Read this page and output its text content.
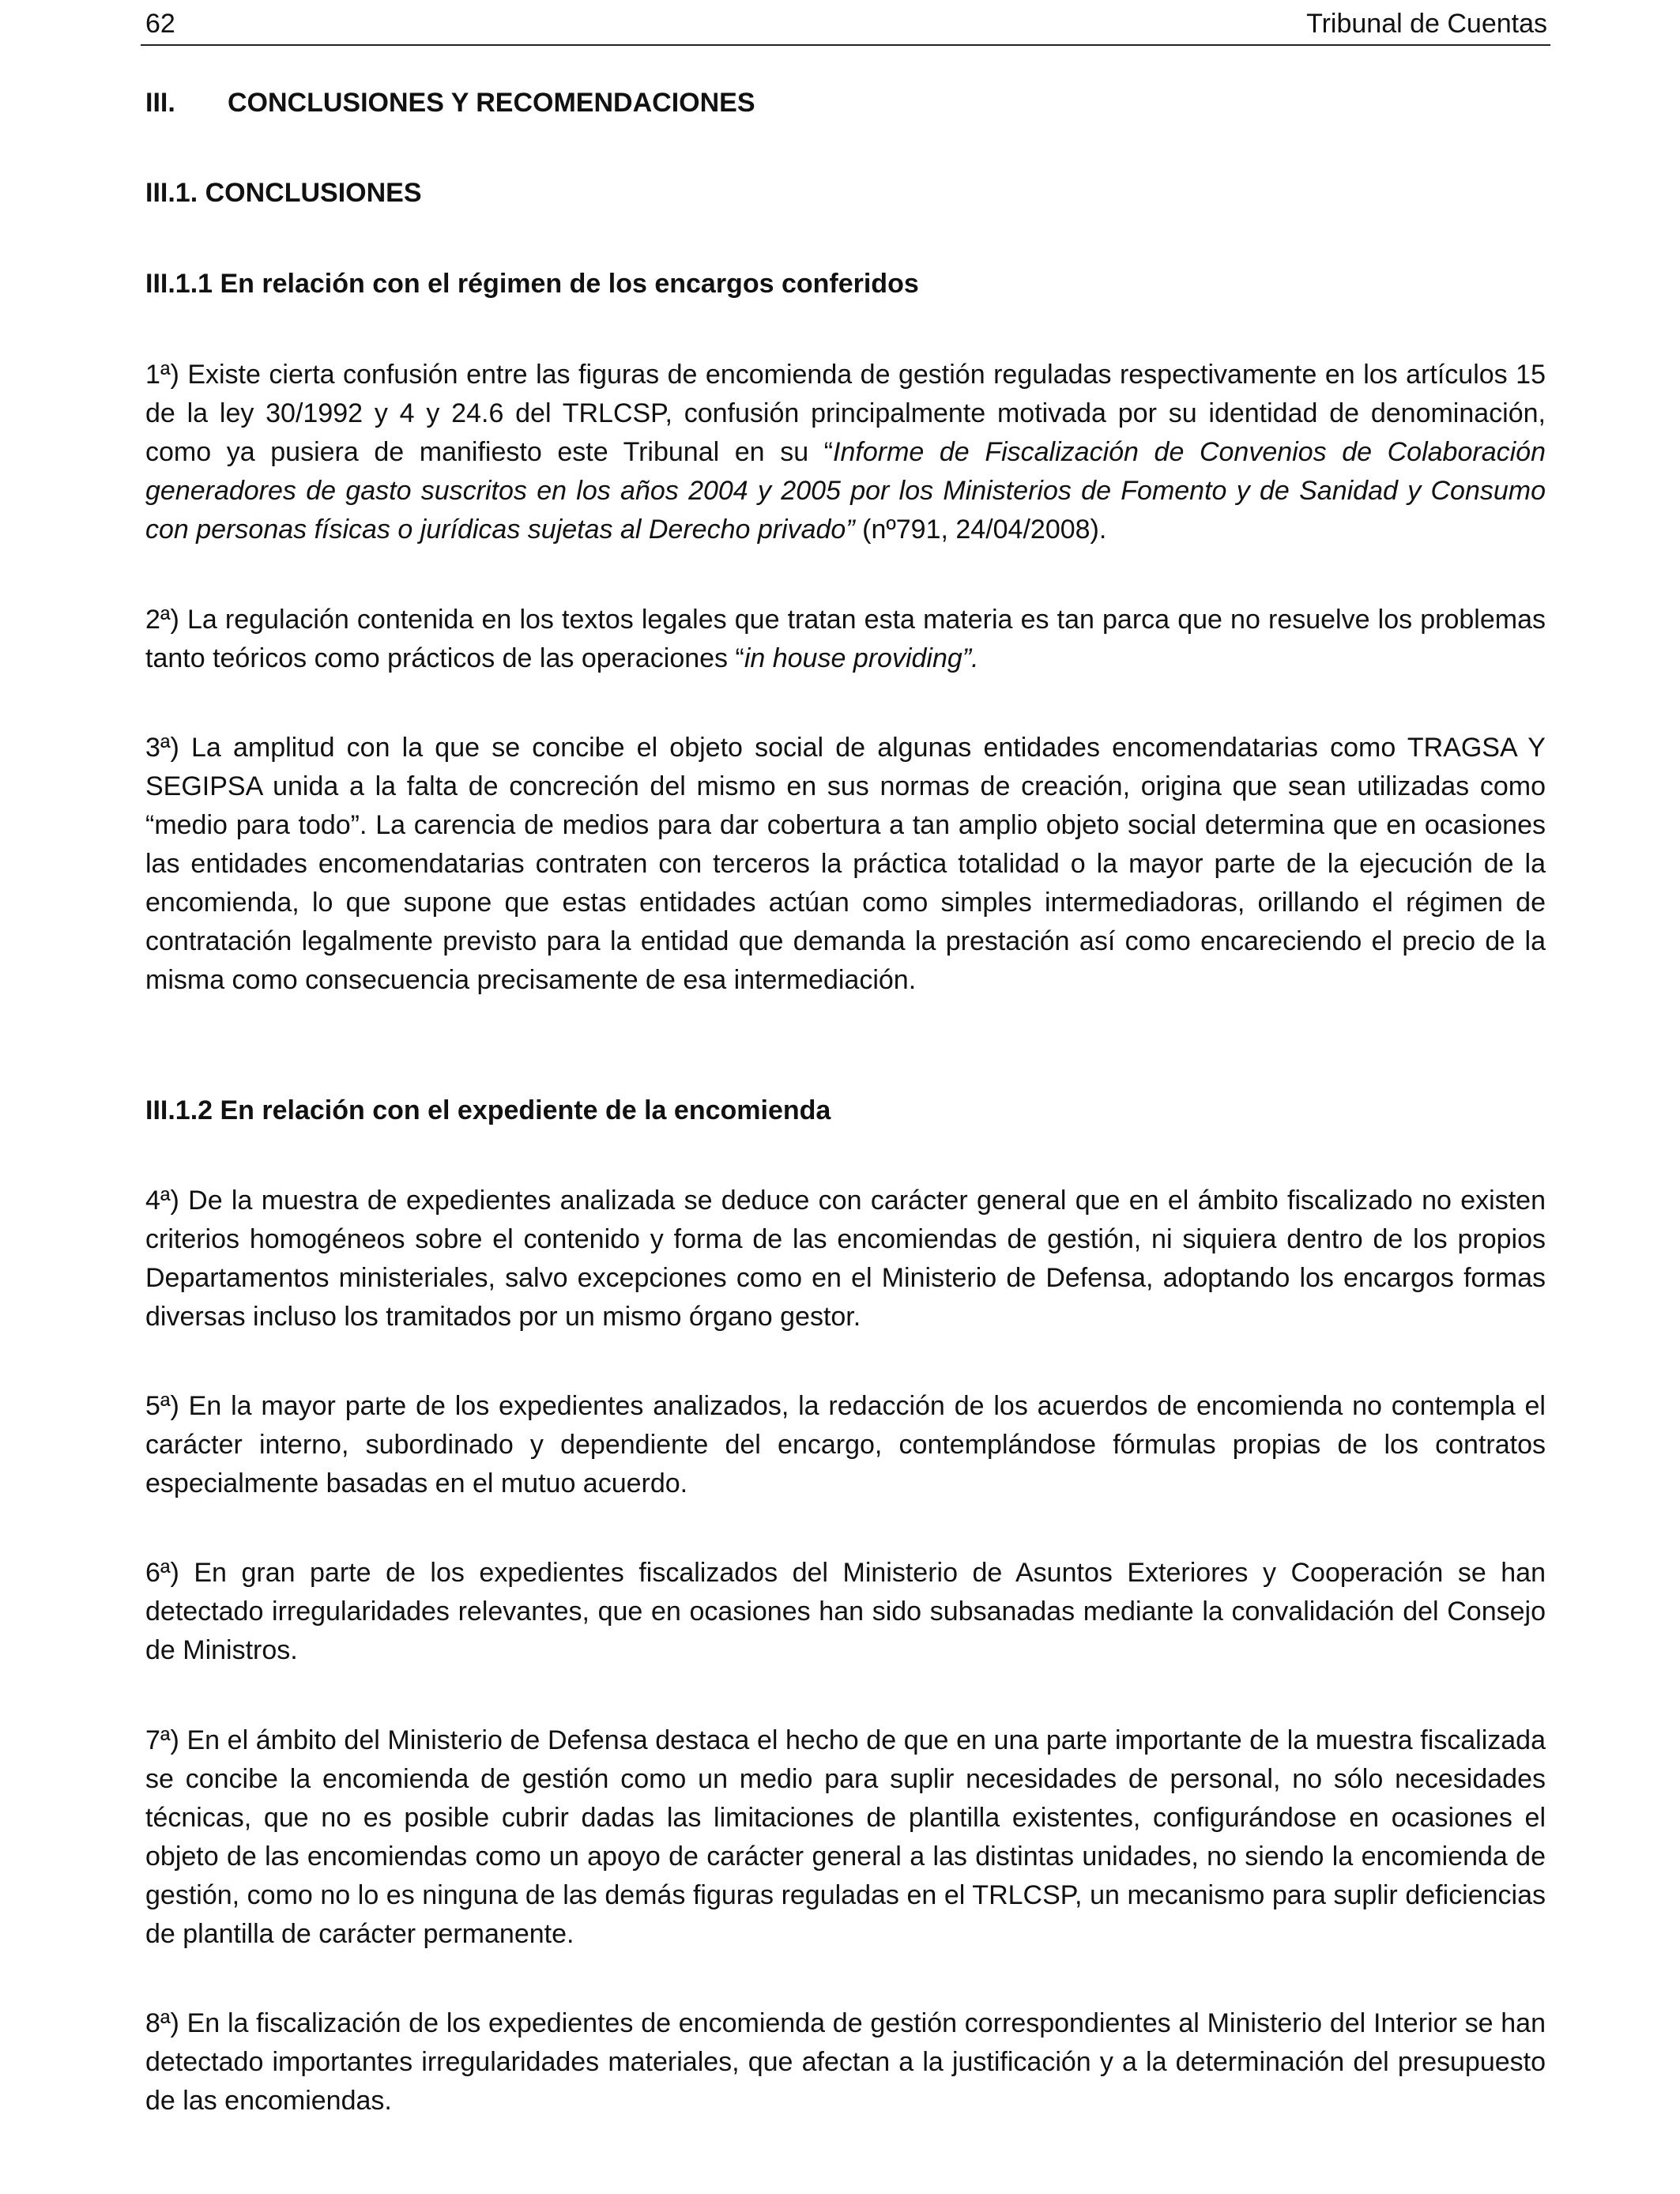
62	Tribunal de Cuentas
III. CONCLUSIONES Y RECOMENDACIONES
III.1. CONCLUSIONES
III.1.1 En relación con el régimen de los encargos conferidos
1ª) Existe cierta confusión entre las figuras de encomienda de gestión reguladas respectivamente en los artículos 15 de la ley 30/1992 y 4 y 24.6 del TRLCSP, confusión principalmente motivada por su identidad de denominación, como ya pusiera de manifiesto este Tribunal en su “Informe de Fiscalización de Convenios de Colaboración generadores de gasto suscritos en los años 2004 y 2005 por los Ministerios de Fomento y de Sanidad y Consumo con personas físicas o jurídicas sujetas al Derecho privado” (nº791, 24/04/2008).
2ª) La regulación contenida en los textos legales que tratan esta materia es tan parca que no resuelve los problemas tanto teóricos como prácticos de las operaciones “in house providing”.
3ª) La amplitud con la que se concibe el objeto social de algunas entidades encomendatarias como TRAGSA Y SEGIPSA unida a la falta de concreción del mismo en sus normas de creación, origina que sean utilizadas como “medio para todo”. La carencia de medios para dar cobertura a tan amplio objeto social determina que en ocasiones las entidades encomendatarias contraten con terceros la práctica totalidad o la mayor parte de la ejecución de la encomienda, lo que supone que estas entidades actúan como simples intermediadoras, orillando el régimen de contratación legalmente previsto para la entidad que demanda la prestación así como encareciendo el precio de la misma como consecuencia precisamente de esa intermediación.
III.1.2 En relación con el expediente de la encomienda
4ª) De la muestra de expedientes analizada se deduce con carácter general que en el ámbito fiscalizado no existen criterios homogéneos sobre el contenido y forma de las encomiendas de gestión, ni siquiera dentro de los propios Departamentos ministeriales, salvo excepciones como en el Ministerio de Defensa, adoptando los encargos formas diversas incluso los tramitados por un mismo órgano gestor.
5ª) En la mayor parte de los expedientes analizados, la redacción de los acuerdos de encomienda no contempla el carácter interno, subordinado y dependiente del encargo, contemplándose fórmulas propias de los contratos especialmente basadas en el mutuo acuerdo.
6ª) En gran parte de los expedientes fiscalizados del Ministerio de Asuntos Exteriores y Cooperación se han detectado irregularidades relevantes, que en ocasiones han sido subsanadas mediante la convalidación del Consejo de Ministros.
7ª) En el ámbito del Ministerio de Defensa destaca el hecho de que en una parte importante de la muestra fiscalizada se concibe la encomienda de gestión como un medio para suplir necesidades de personal, no sólo necesidades técnicas, que no es posible cubrir dadas las limitaciones de plantilla existentes, configurándose en ocasiones el objeto de las encomiendas como un apoyo de carácter general a las distintas unidades, no siendo la encomienda de gestión, como no lo es ninguna de las demás figuras reguladas en el TRLCSP, un mecanismo para suplir deficiencias de plantilla de carácter permanente.
8ª) En la fiscalización de los expedientes de encomienda de gestión correspondientes al Ministerio del Interior se han detectado importantes irregularidades materiales, que afectan a la justificación y a la determinación del presupuesto de las encomiendas.
